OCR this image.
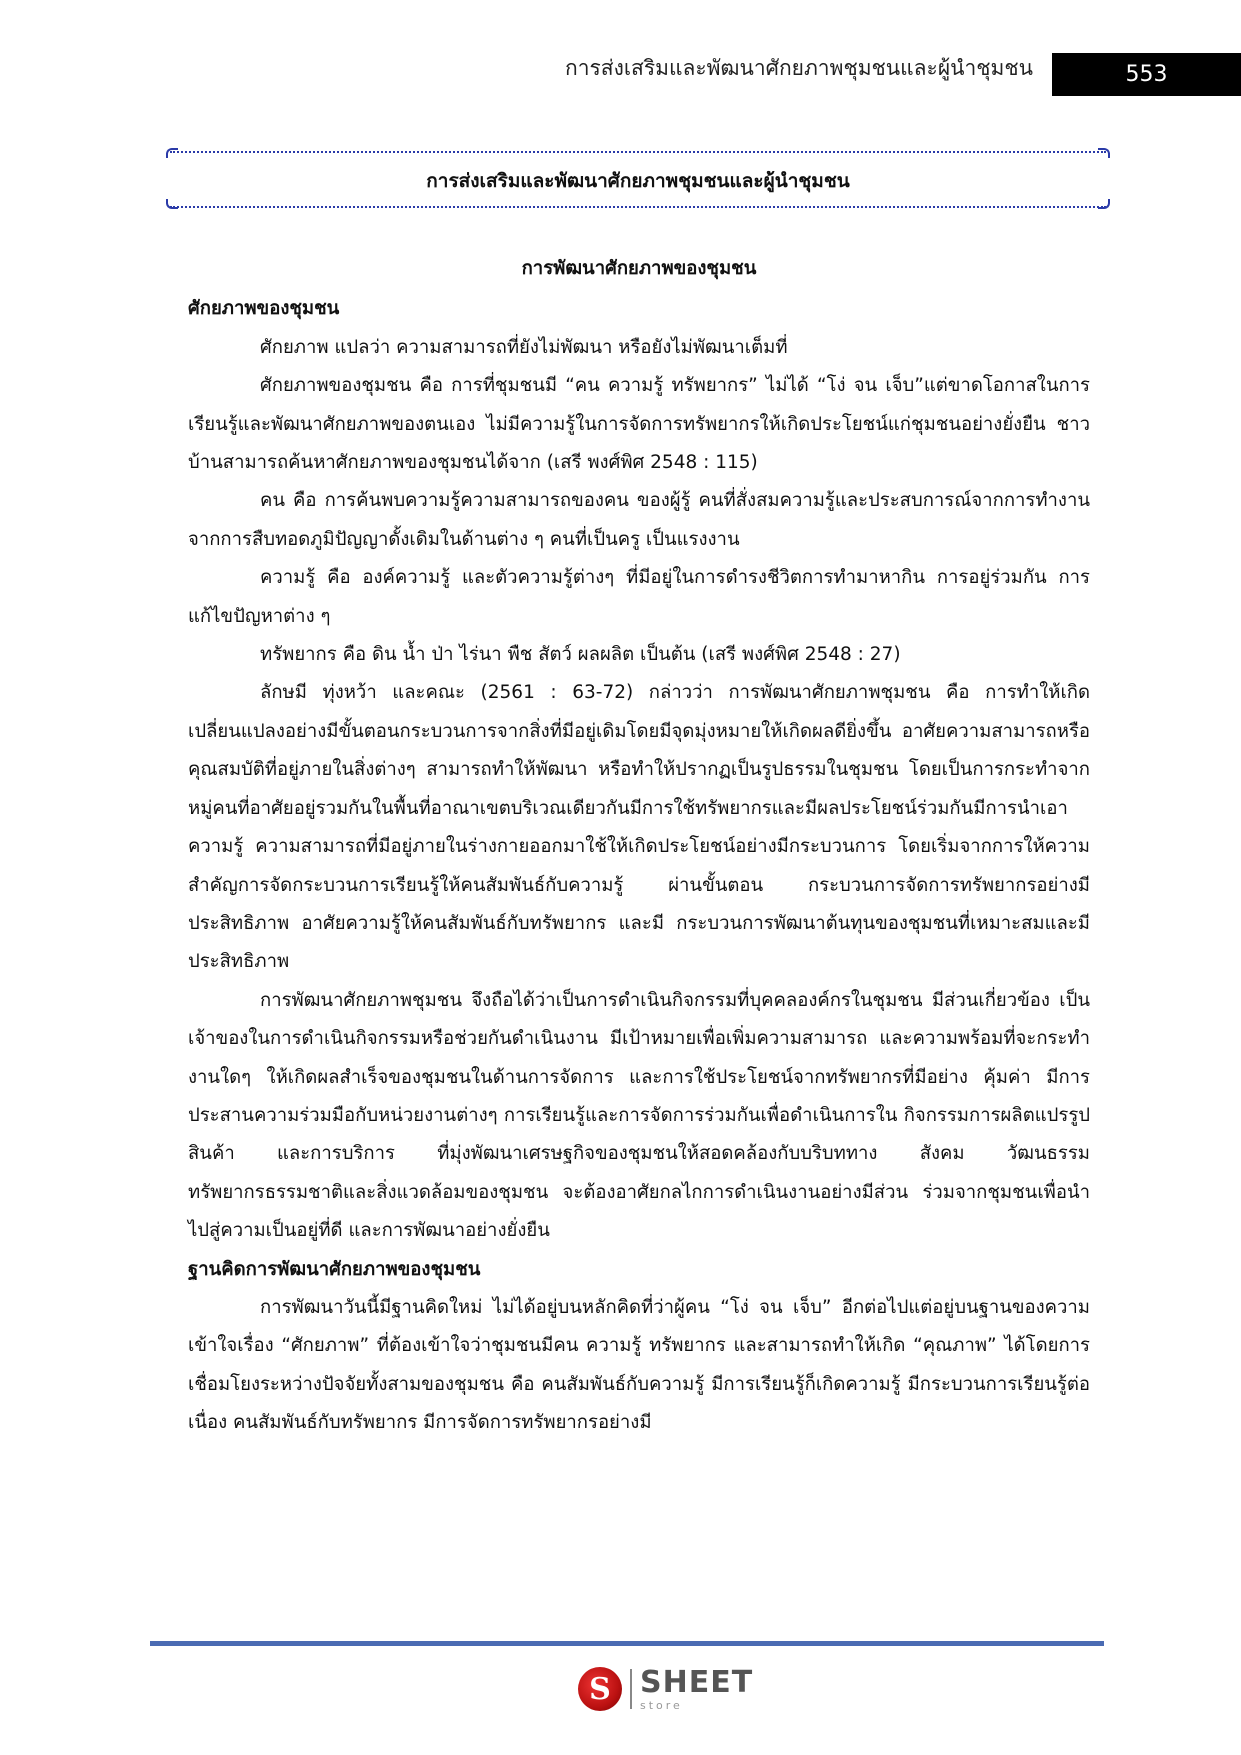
การส่งเสริมและพัฒนาศักยภาพชุมชนและผู้นำชุมชน	553
การส่งเสริมและพัฒนาศักยภาพชุมชนและผู้นำชุมชน

การพัฒนาศักยภาพของชุมชน

ศักยภาพของชุมชน

ศักยภาพ แปลว่า ความสามารถที่ยังไม่พัฒนา หรือยังไม่พัฒนาเต็มที่

ศักยภาพของชุมชน คือ การที่ชุมชนมี “คน ความรู้ ทรัพยากร” ไม่ได้ “โง่ จน เจ็บ”แต่ขาดโอกาสในการเรียนรู้และพัฒนาศักยภาพของตนเอง ไม่มีความรู้ในการจัดการทรัพยากรให้เกิดประโยชน์แก่ชุมชนอย่างยั่งยืน ชาวบ้านสามารถค้นหาศักยภาพของชุมชนได้จาก (เสรี พงศ์พิศ 2548 : 115)

คน คือ การค้นพบความรู้ความสามารถของคน ของผู้รู้ คนที่สั่งสมความรู้และประสบการณ์จากการทำงาน จากการสืบทอดภูมิปัญญาดั้งเดิมในด้านต่าง ๆ คนที่เป็นครู เป็นแรงงาน

ความรู้ คือ องค์ความรู้ และตัวความรู้ต่างๆ ที่มีอยู่ในการดำรงชีวิตการทำมาหากิน การอยู่ร่วมกัน การแก้ไขปัญหาต่าง ๆ

ทรัพยากร คือ ดิน น้ำ ป่า ไร่นา พืช สัตว์ ผลผลิต เป็นต้น (เสรี พงศ์พิศ 2548 : 27)

ลักษมี ทุ่งหว้า และคณะ (2561 : 63-72) กล่าวว่า การพัฒนาศักยภาพชุมชน คือ การทำให้เกิดเปลี่ยนแปลงอย่างมีขั้นตอนกระบวนการจากสิ่งที่มีอยู่เดิมโดยมีจุดมุ่งหมายให้เกิดผลดียิ่งขึ้น อาศัยความสามารถหรือคุณสมบัติที่อยู่ภายในสิ่งต่างๆ สามารถทำให้พัฒนา หรือทำให้ปรากฏเป็นรูปธรรมในชุมชน โดยเป็นการกระทำจากหมู่คนที่อาศัยอยู่รวมกันในพื้นที่อาณาเขตบริเวณเดียวกันมีการใช้ทรัพยากรและมีผลประโยชน์ร่วมกันมีการนำเอาความรู้ ความสามารถที่มีอยู่ภายในร่างกายออกมาใช้ให้เกิดประโยชน์อย่างมีกระบวนการ โดยเริ่มจากการให้ความสำคัญการจัดกระบวนการเรียนรู้ให้คนสัมพันธ์กับความรู้ ผ่านขั้นตอน กระบวนการจัดการทรัพยากรอย่างมีประสิทธิภาพ อาศัยความรู้ให้คนสัมพันธ์กับทรัพยากร และมี กระบวนการพัฒนาต้นทุนของชุมชนที่เหมาะสมและมีประสิทธิภาพ

การพัฒนาศักยภาพชุมชน จึงถือได้ว่าเป็นการดำเนินกิจกรรมที่บุคคลองค์กรในชุมชน มีส่วนเกี่ยวข้อง เป็นเจ้าของในการดำเนินกิจกรรมหรือช่วยกันดำเนินงาน มีเป้าหมายเพื่อเพิ่มความสามารถ และความพร้อมที่จะกระทำงานใดๆ ให้เกิดผลสำเร็จของชุมชนในด้านการจัดการ และการใช้ประโยชน์จากทรัพยากรที่มีอย่าง คุ้มค่า มีการประสานความร่วมมือกับหน่วยงานต่างๆ การเรียนรู้และการจัดการร่วมกันเพื่อดำเนินการใน กิจกรรมการผลิตแปรรูปสินค้า และการบริการ ที่มุ่งพัฒนาเศรษฐกิจของชุมชนให้สอดคล้องกับบริบททาง สังคม วัฒนธรรม ทรัพยากรธรรมชาติและสิ่งแวดล้อมของชุมชน จะต้องอาศัยกลไกการดำเนินงานอย่างมีส่วน ร่วมจากชุมชนเพื่อนำไปสู่ความเป็นอยู่ที่ดี และการพัฒนาอย่างยั่งยืน

ฐานคิดการพัฒนาศักยภาพของชุมชน

การพัฒนาวันนี้มีฐานคิดใหม่ ไม่ได้อยู่บนหลักคิดที่ว่าผู้คน “โง่ จน เจ็บ” อีกต่อไปแต่อยู่บนฐานของความเข้าใจเรื่อง “ศักยภาพ” ที่ต้องเข้าใจว่าชุมชนมีคน ความรู้ ทรัพยากร และสามารถทำให้เกิด “คุณภาพ” ได้โดยการเชื่อมโยงระหว่างปัจจัยทั้งสามของชุมชน คือ คนสัมพันธ์กับความรู้ มีการเรียนรู้ก็เกิดความรู้ มีกระบวนการเรียนรู้ต่อเนื่อง คนสัมพันธ์กับทรัพยากร มีการจัดการทรัพยากรอย่างมี

S SHEET
store
